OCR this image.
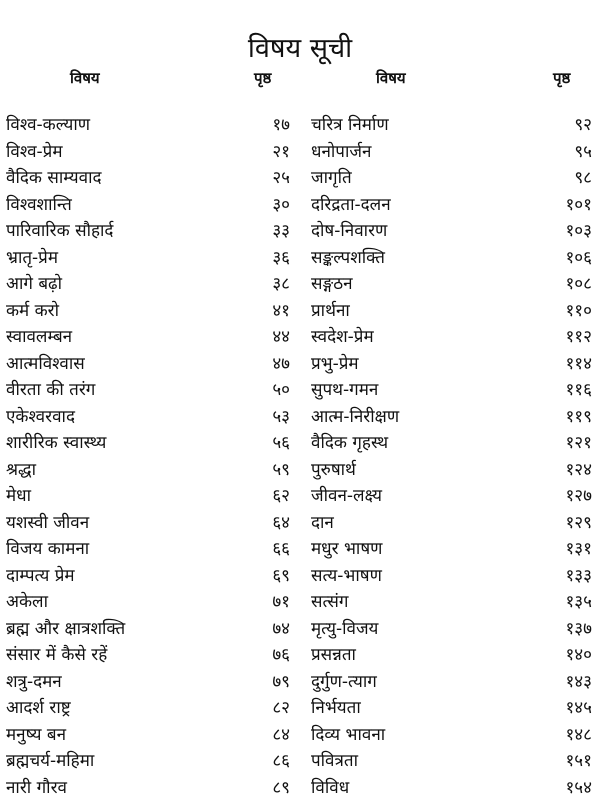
विषय सूची
विषय	पृष्ठ	विषय	पृष्ठ
विश्व-कल्याण	१७ चरित्र निर्माण	९२
विश्व-प्रेम	२१ धनोपार्जन	९५
वैदिक साम्यवाद	२५ जागृति	९८
विश्वशान्ति	३० दरिद्रता-दलन	१०१
पारिवारिक सौहार्द	३३ दोष-निवारण	१०३
भ्रातृ-प्रेम	३६ सङ्कल्पशक्ति	१०६
आगे बढ़ो	३८ सङ्गठन	१०८
कर्म करो	४१ प्रार्थना	११०
स्वावलम्बन	४४ स्वदेश-प्रेम	११२
आत्मविश्वास	४७ प्रभु-प्रेम	११४
वीरता की तरंग	५० सुपथ-गमन	११६
एकेश्वरवाद	५३ आत्म-निरीक्षण	११९
शारीरिक स्वास्थ्य	५६ वैदिक गृहस्थ	१२१
श्रद्धा	५९ पुरुषार्थ	१२४
मेधा	६२ जीवन-लक्ष्य	१२७
यशस्वी जीवन	६४ दान	१२९
विजय कामना	६६ मधुर भाषण	१३१
दाम्पत्य प्रेम	६९ सत्य-भाषण	१३३
अकेला	७१ सत्संग	१३५
ब्रह्म और क्षात्रशक्ति	७४ मृत्यु-विजय	१३७
संसार में कैसे रहें	७६ प्रसन्नता	१४०
शत्रु-दमन	७९ दुर्गुण-त्याग	१४३
आदर्श राष्ट्र	८२ निर्भयता	१४५
मनुष्य बन	८४ दिव्य भावना	१४८
ब्रह्मचर्य-महिमा	८६ पवित्रता	१५१
नारी गौरव	८९ विविध	१५४
